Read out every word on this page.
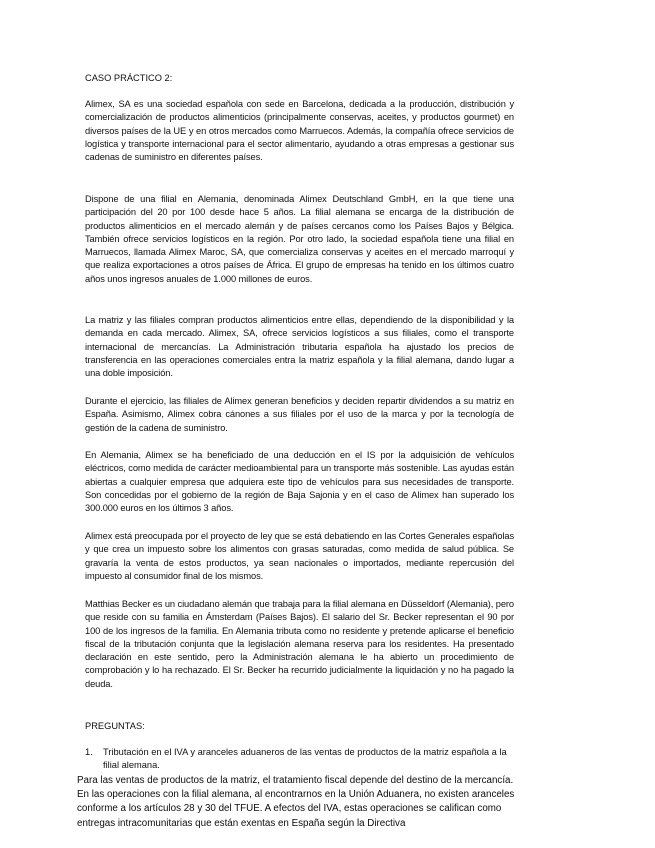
CASO PRÁCTICO 2:
Alimex, SA es una sociedad española con sede en Barcelona, dedicada a la producción, distribución y comercialización de productos alimenticios (principalmente conservas, aceites, y productos gourmet) en diversos países de la UE y en otros mercados como Marruecos. Además, la compañía ofrece servicios de logística y transporte internacional para el sector alimentario, ayudando a otras empresas a gestionar sus cadenas de suministro en diferentes países.
Dispone de una filial en Alemania, denominada Alimex Deutschland GmbH, en la que tiene una participación del 20 por 100 desde hace 5 años. La filial alemana se encarga de la distribución de productos alimenticios en el mercado alemán y de países cercanos como los Países Bajos y Bélgica. También ofrece servicios logísticos en la región. Por otro lado, la sociedad española tiene una filial en Marruecos, llamada Alimex Maroc, SA, que comercializa conservas y aceites en el mercado marroquí y que realiza exportaciones a otros países de África. El grupo de empresas ha tenido en los últimos cuatro años unos ingresos anuales de 1.000 millones de euros.
La matriz y las filiales compran productos alimenticios entre ellas, dependiendo de la disponibilidad y la demanda en cada mercado. Alimex, SA, ofrece servicios logísticos a sus filiales, como el transporte internacional de mercancías. La Administración tributaria española ha ajustado los precios de transferencia en las operaciones comerciales entra la matriz española y la filial alemana, dando lugar a una doble imposición.
Durante el ejercicio, las filiales de Alimex generan beneficios y deciden repartir dividendos a su matriz en España. Asimismo, Alimex cobra cánones a sus filiales por el uso de la marca y por la tecnología de gestión de la cadena de suministro.
En Alemania, Alimex se ha beneficiado de una deducción en el IS por la adquisición de vehículos eléctricos, como medida de carácter medioambiental para un transporte más sostenible. Las ayudas están abiertas a cualquier empresa que adquiera este tipo de vehículos para sus necesidades de transporte. Son concedidas por el gobierno de la región de Baja Sajonia y en el caso de Alimex han superado los 300.000 euros en los últimos 3 años.
Alimex está preocupada por el proyecto de ley que se está debatiendo en las Cortes Generales españolas y que crea un impuesto sobre los alimentos con grasas saturadas, como medida de salud pública. Se gravaría la venta de estos productos, ya sean nacionales o importados, mediante repercusión del impuesto al consumidor final de los mismos.
Matthias Becker es un ciudadano alemán que trabaja para la filial alemana en Düsseldorf (Alemania), pero que reside con su familia en Ámsterdam (Países Bajos). El salario del Sr. Becker representan el 90 por 100 de los ingresos de la familia. En Alemania tributa como no residente y pretende aplicarse el beneficio fiscal de la tributación conjunta que la legislación alemana reserva para los residentes. Ha presentado declaración en este sentido, pero la Administración alemana le ha abierto un procedimiento de comprobación y lo ha rechazado. El Sr. Becker ha recurrido judicialmente la liquidación y no ha pagado la deuda.
PREGUNTAS:
1.	Tributación en el IVA y aranceles aduaneros de las ventas de productos de la matriz española a la filial alemana.
Para las ventas de productos de la matriz, el tratamiento fiscal depende del destino de la mercancía. En las operaciones con la filial alemana, al encontrarnos en la Unión Aduanera, no existen aranceles conforme a los artículos 28 y 30 del TFUE. A efectos del IVA, estas operaciones se califican como entregas intracomunitarias que están exentas en España según la Directiva
